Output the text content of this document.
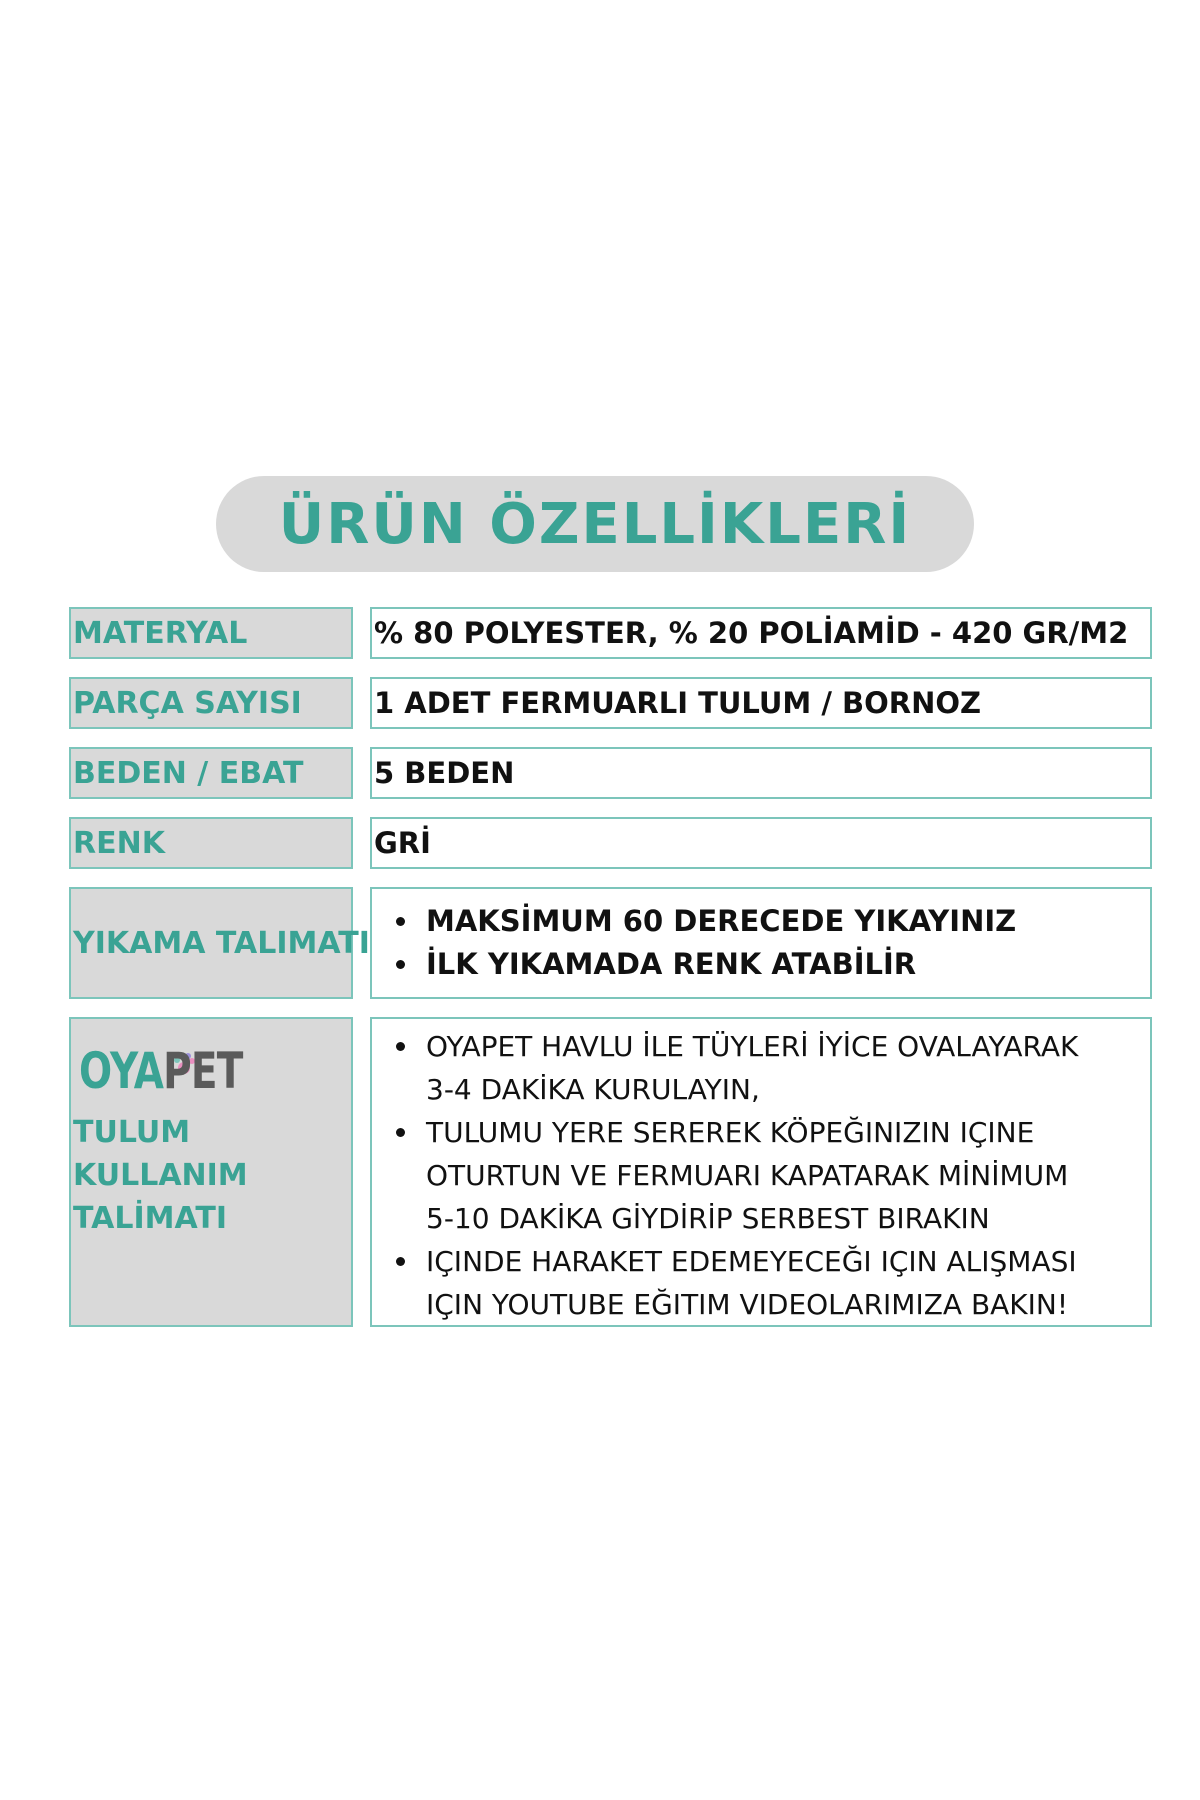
ÜRÜN ÖZELLİKLERİ
MATERYAL	% 80 POLYESTER, % 20 POLİAMİD - 420 GR/M2
PARÇA SAYISI 1 ADET FERMUARLI TULUM / BORNOZ
BEDEN / EBAT 5 BEDEN
RENK	GRİ
YIKAMA TALIMATI
MAKSİMUM 60 DERECEDE YIKAYINIZ
İLK YIKAMADA RENK ATABİLİR
OYAPET
TULUM
KULLANIM
TALİMATI
OYAPET HAVLU İLE TÜYLERİ İYİCE OVALAYARAK
3-4 DAKİKA KURULAYIN,
TULUMU YERE SEREREK KÖPEĞINIZIN IÇINE
OTURTUN VE FERMUARI KAPATARAK MİNİMUM
5-10 DAKİKA GİYDİRİP SERBEST BIRAKIN
IÇINDE HARAKET EDEMEYECEĞI IÇIN ALIŞMASI
IÇIN YOUTUBE EĞITIM VIDEOLARIMIZA BAKIN!
